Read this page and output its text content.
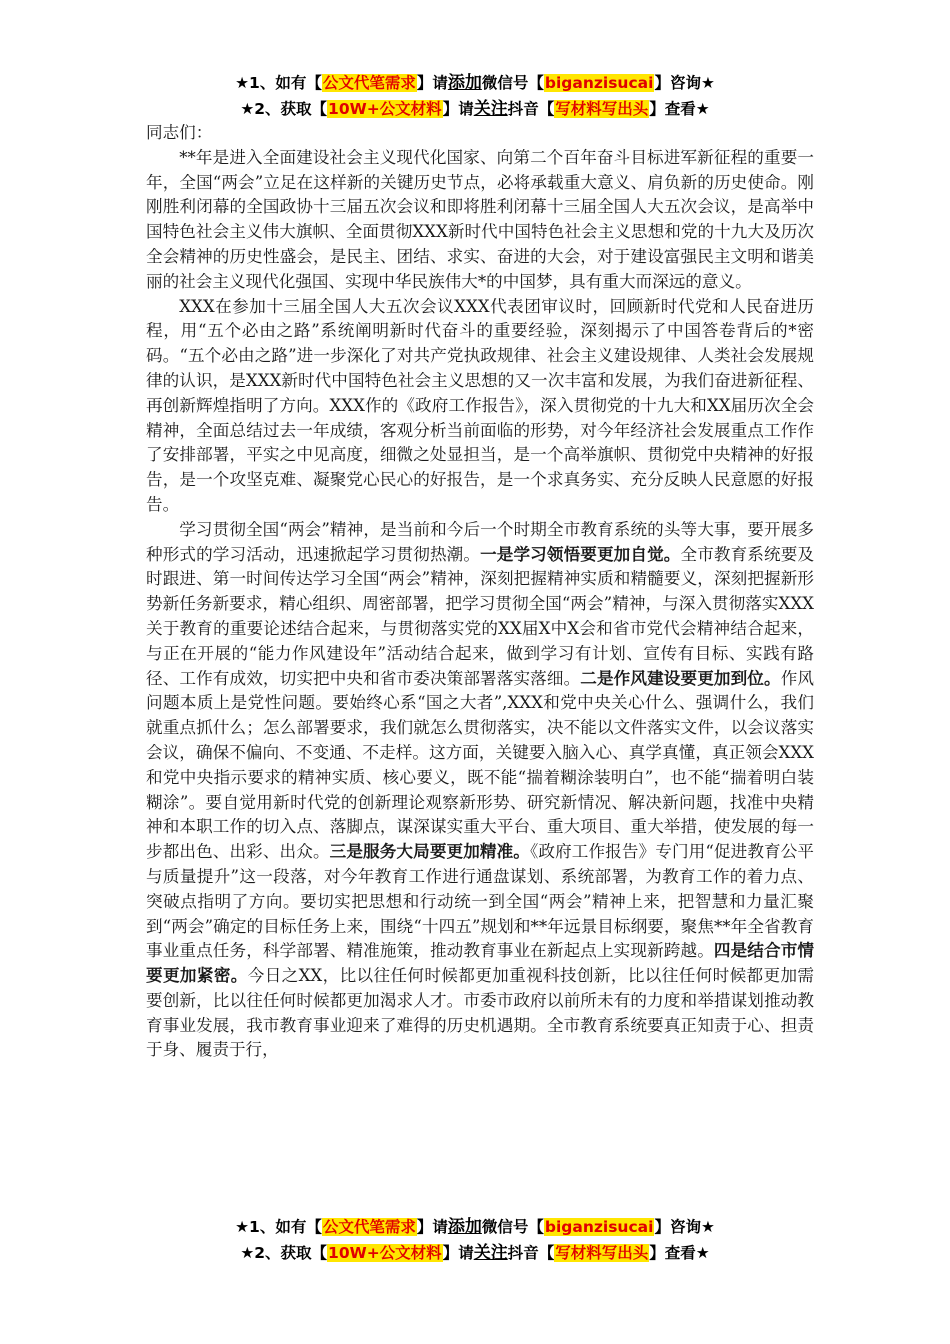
★1、如有【公文代笔需求】请添加微信号【biganzisucai】咨询★
★2、获取【10W+公文材料】请关注抖音【写材料写出头】查看★

同志们：

**年是进入全面建设社会主义现代化国家、向第二个百年奋斗目标进军新征程的重要一年，全国“两会”立足在这样新的关键历史节点，必将承载重大意义、肩负新的历史使命。刚刚胜利闭幕的全国政协十三届五次会议和即将胜利闭幕十三届全国人大五次会议，是高举中国特色社会主义伟大旗帜、全面贯彻XXX新时代中国特色社会主义思想和党的十九大及历次全会精神的历史性盛会，是民主、团结、求实、奋进的大会，对于建设富强民主文明和谐美丽的社会主义现代化强国、实现中华民族伟大*的中国梦，具有重大而深远的意义。

XXX在参加十三届全国人大五次会议XXX代表团审议时，回顾新时代党和人民奋进历程，用“五个必由之路”系统阐明新时代奋斗的重要经验，深刻揭示了中国答卷背后的*密码。“五个必由之路”进一步深化了对共产党执政规律、社会主义建设规律、人类社会发展规律的认识，是XXX新时代中国特色社会主义思想的又一次丰富和发展，为我们奋进新征程、再创新辉煌指明了方向。XXX作的《政府工作报告》，深入贯彻党的十九大和XX届历次全会精神，全面总结过去一年成绩，客观分析当前面临的形势，对今年经济社会发展重点工作作了安排部署，平实之中见高度，细微之处显担当，是一个高举旗帜、贯彻党中央精神的好报告，是一个攻坚克难、凝聚党心民心的好报告，是一个求真务实、充分反映人民意愿的好报告。

学习贯彻全国“两会”精神，是当前和今后一个时期全市教育系统的头等大事，要开展多种形式的学习活动，迅速掀起学习贯彻热潮。一是学习领悟要更加自觉。全市教育系统要及时跟进、第一时间传达学习全国“两会”精神，深刻把握精神实质和精髓要义，深刻把握新形势新任务新要求，精心组织、周密部署，把学习贯彻全国“两会”精神，与深入贯彻落实XXX关于教育的重要论述结合起来，与贯彻落实党的XX届X中X会和省市党代会精神结合起来，与正在开展的“能力作风建设年”活动结合起来，做到学习有计划、宣传有目标、实践有路径、工作有成效，切实把中央和省市委决策部署落实落细。二是作风建设要更加到位。作风问题本质上是党性问题。要始终心系“国之大者”,XXX和党中央关心什么、强调什么，我们就重点抓什么；怎么部署要求，我们就怎么贯彻落实，决不能以文件落实文件，以会议落实会议，确保不偏向、不变通、不走样。这方面，关键要入脑入心、真学真懂，真正领会XXX和党中央指示要求的精神实质、核心要义，既不能“揣着糊涂装明白”，也不能“揣着明白装糊涂”。要自觉用新时代党的创新理论观察新形势、研究新情况、解决新问题，找准中央精神和本职工作的切入点、落脚点，谋深谋实重大平台、重大项目、重大举措，使发展的每一步都出色、出彩、出众。三是服务大局要更加精准。《政府工作报告》专门用“促进教育公平与质量提升”这一段落，对今年教育工作进行通盘谋划、系统部署，为教育工作的着力点、突破点指明了方向。要切实把思想和行动统一到全国“两会”精神上来，把智慧和力量汇聚到“两会”确定的目标任务上来，围绕“十四五”规划和**年远景目标纲要，聚焦**年全省教育事业重点任务，科学部署、精准施策，推动教育事业在新起点上实现新跨越。四是结合市情要更加紧密。今日之XX，比以往任何时候都更加重视科技创新，比以往任何时候都更加需要创新，比以往任何时候都更加渴求人才。市委市政府以前所未有的力度和举措谋划推动教育事业发展，我市教育事业迎来了难得的历史机遇期。全市教育系统要真正知责于心、担责于身、履责于行，

★1、如有【公文代笔需求】请添加微信号【biganzisucai】咨询★
★2、获取【10W+公文材料】请关注抖音【写材料写出头】查看★
